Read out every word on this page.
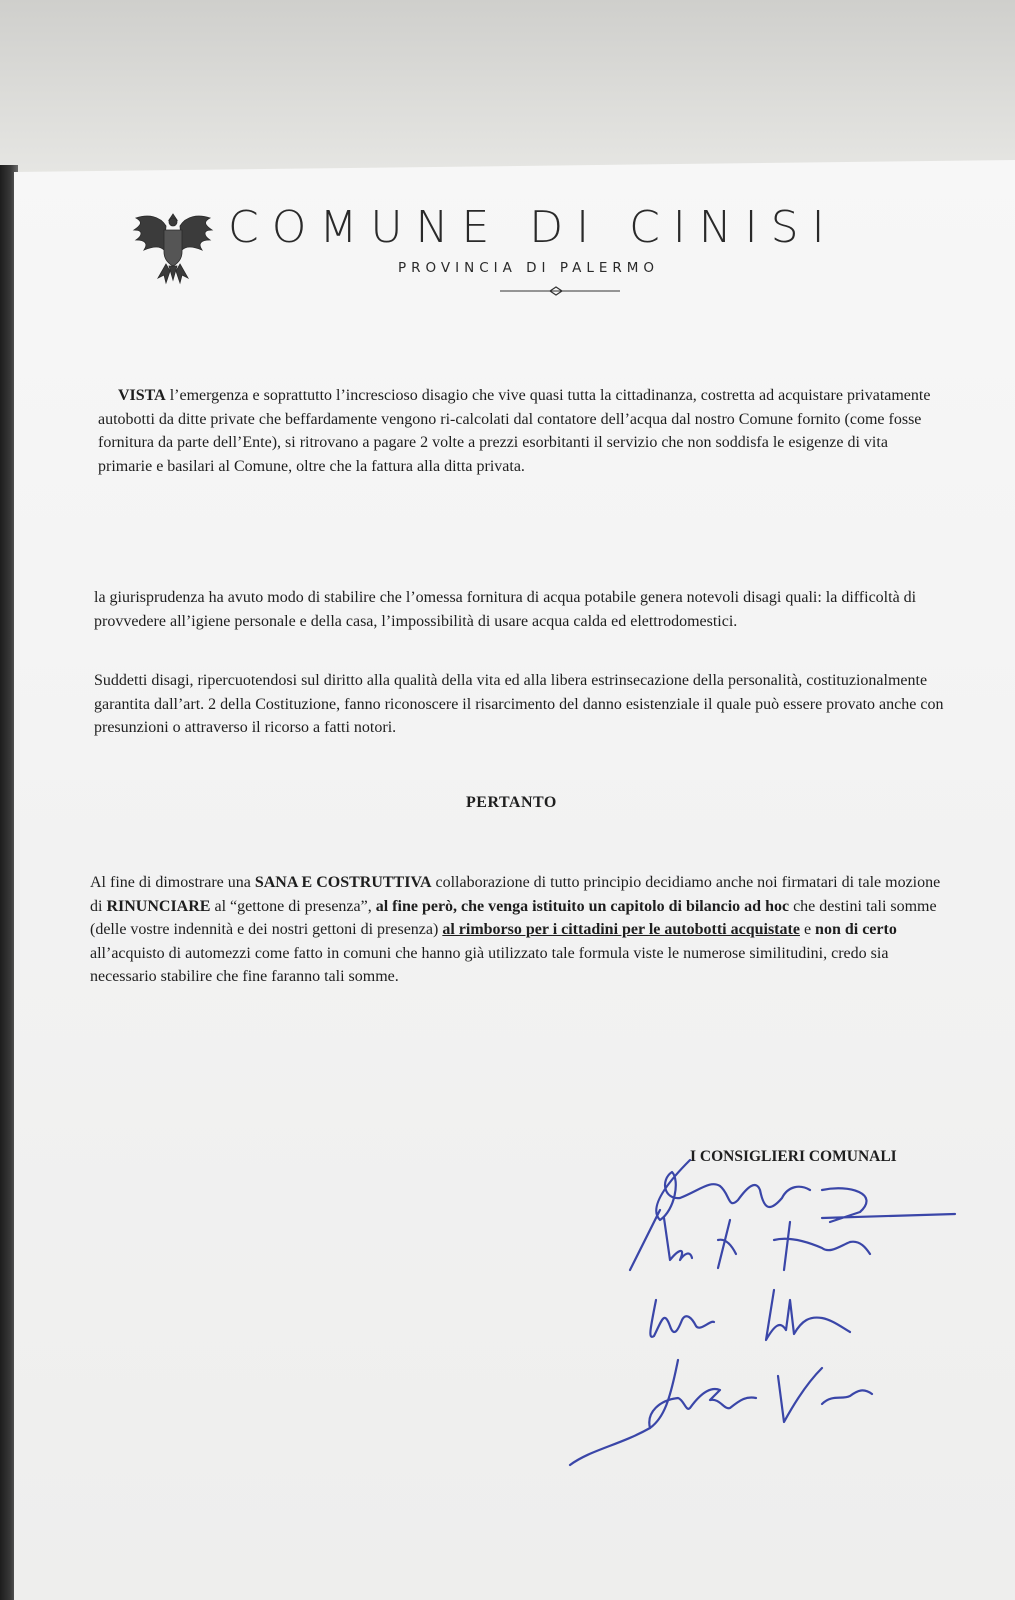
COMUNE DI CINISI
PROVINCIA DI PALERMO
VISTA l’emergenza e soprattutto l’increscioso disagio che vive quasi tutta la cittadinanza, costretta ad acquistare privatamente autobotti da ditte private che beffardamente vengono ri-calcolati dal contatore dell’acqua dal nostro Comune fornito (come fosse fornitura da parte dell’Ente), si ritrovano a pagare 2 volte a prezzi esorbitanti il servizio che non soddisfa le esigenze di vita primarie e basilari al Comune, oltre che la fattura alla ditta privata.
la giurisprudenza ha avuto modo di stabilire che l’omessa fornitura di acqua potabile genera notevoli disagi quali: la difficoltà di provvedere all’igiene personale e della casa, l’impossibilità di usare acqua calda ed elettrodomestici.
Suddetti disagi, ripercuotendosi sul diritto alla qualità della vita ed alla libera estrinsecazione della personalità, costituzionalmente garantita dall’art. 2 della Costituzione, fanno riconoscere il risarcimento del danno esistenziale il quale può essere provato anche con presunzioni o attraverso il ricorso a fatti notori.
PERTANTO
Al fine di dimostrare una SANA E COSTRUTTIVA collaborazione di tutto principio decidiamo anche noi firmatari di tale mozione di RINUNCIARE al “gettone di presenza”, al fine però, che venga istituito un capitolo di bilancio ad hoc che destini tali somme (delle vostre indennità e dei nostri gettoni di presenza) al rimborso per i cittadini per le autobotti acquistate e non di certo all’acquisto di automezzi come fatto in comuni che hanno già utilizzato tale formula viste le numerose similitudini, credo sia necessario stabilire che fine faranno tali somme.
I CONSIGLIERI COMUNALI
